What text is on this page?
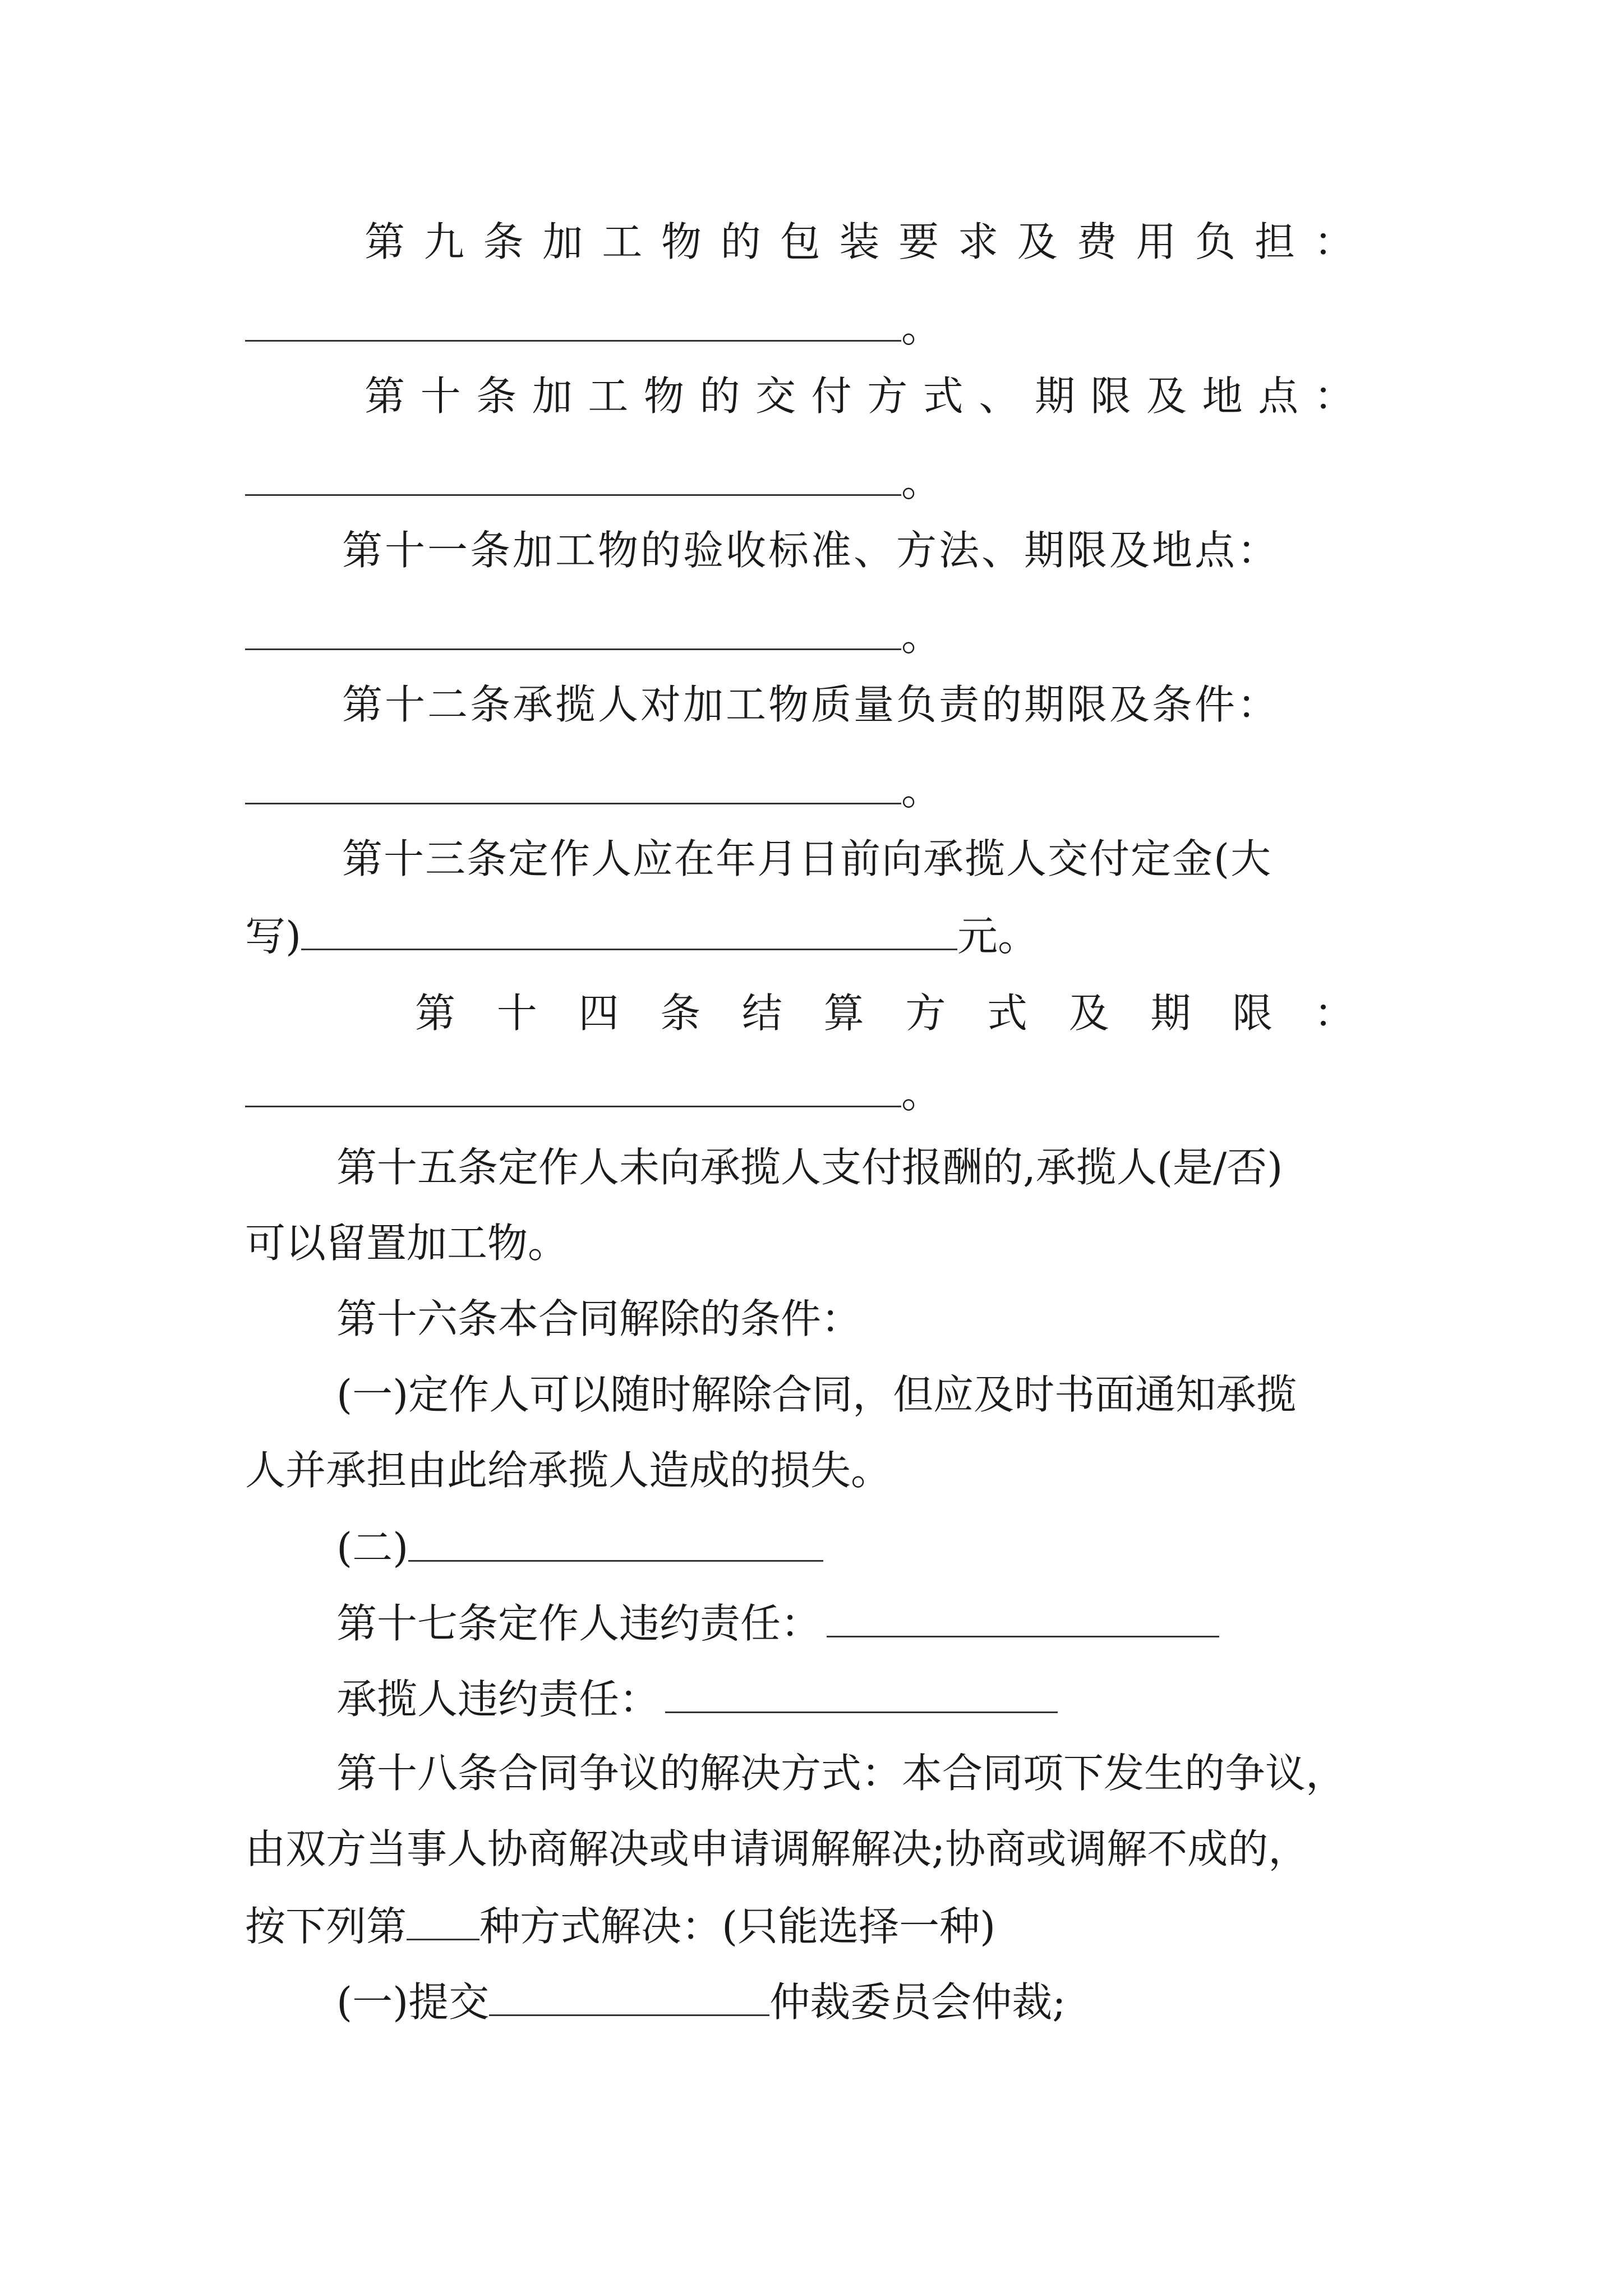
第 九 条 加 工 物 的 包 装 要 求 及 费 用 负 担 ：
。
第 十 条 加 工 物 的 交 付 方 式 、 期 限 及 地 点 ：
。
第十一条加工物的验收标准、方法、期限及地点：
。
第十二条承揽人对加工物质量负责的期限及条件：
。
第十三条定作人应在年月日前向承揽人交付定金(大
写)	元。
第 十 四 条 结 算 方 式 及 期 限 ：
。
第十五条定作人未向承揽人支付报酬的,承揽人(是/否)
可以留置加工物。
第十六条本合同解除的条件：
(一)定作人可以随时解除合同，但应及时书面通知承揽
人并承担由此给承揽人造成的损失。
(二)
第十七条定作人违约责任：
承揽人违约责任：
第十八条合同争议的解决方式：本合同项下发生的争议，
由双方当事人协商解决或申请调解解决;协商或调解不成的，
按下列第 种方式解决：(只能选择一种)
(一)提交	仲裁委员会仲裁;
